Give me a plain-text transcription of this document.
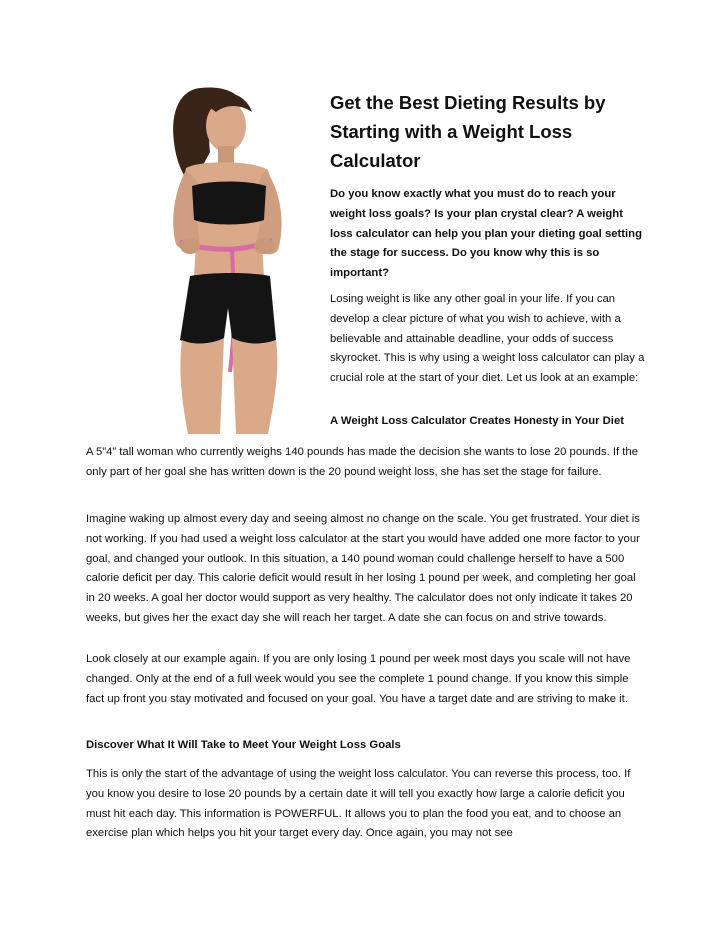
Get the Best Dieting Results by Starting with a Weight Loss Calculator

Do you know exactly what you must do to reach your weight loss goals? Is your plan crystal clear? A weight loss calculator can help you plan your dieting goal setting the stage for success. Do you know why this is so important?

Losing weight is like any other goal in your life. If you can develop a clear picture of what you wish to achieve, with a believable and attainable deadline, your odds of success skyrocket. This is why using a weight loss calculator can play a crucial role at the start of your diet. Let us look at an example:

A Weight Loss Calculator Creates Honesty in Your Diet

A 5”4” tall woman who currently weighs 140 pounds has made the decision she wants to lose 20 pounds. If the only part of her goal she has written down is the 20 pound weight loss, she has set the stage for failure.

Imagine waking up almost every day and seeing almost no change on the scale. You get frustrated. Your diet is not working. If you had used a weight loss calculator at the start you would have added one more factor to your goal, and changed your outlook. In this situation, a 140 pound woman could challenge herself to have a 500 calorie deficit per day. This calorie deficit would result in her losing 1 pound per week, and completing her goal in 20 weeks. A goal her doctor would support as very healthy. The calculator does not only indicate it takes 20 weeks, but gives her the exact day she will reach her target. A date she can focus on and strive towards.

Look closely at our example again. If you are only losing 1 pound per week most days you scale will not have changed. Only at the end of a full week would you see the complete 1 pound change. If you know this simple fact up front you stay motivated and focused on your goal. You have a target date and are striving to make it.

Discover What It Will Take to Meet Your Weight Loss Goals

This is only the start of the advantage of using the weight loss calculator. You can reverse this process, too. If you know you desire to lose 20 pounds by a certain date it will tell you exactly how large a calorie deficit you must hit each day. This information is POWERFUL. It allows you to plan the food you eat, and to choose an exercise plan which helps you hit your target every day. Once again, you may not see
